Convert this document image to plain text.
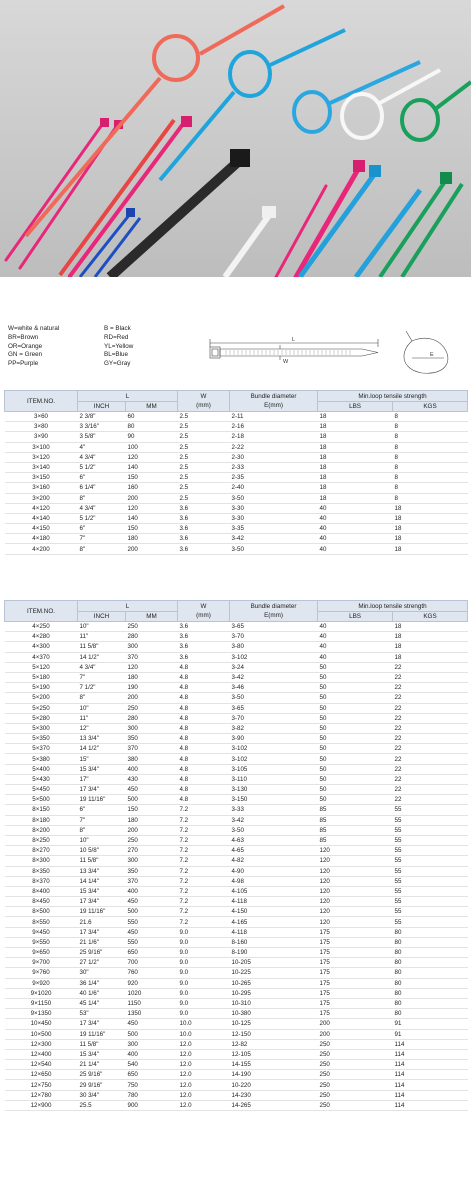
W=white & natural
BR=Brown
OR=Orange
GN = Green
PP=Purple
B = Black
RD=Red
YL=Yellow
BL=Blue
GY=Gray
L
W
E
ITEM.NO.	L		W
(mm)	Bundle diameter
E(mm)	Min.loop tensile strength	
	INCH	MM			LBS	KGS
3×60	2 3/8"	60	2.5	2-11	18	8
3×80	3 3/16"	80	2.5	2-16	18	8
3×90	3 5/8"	90	2.5	2-18	18	8
3×100	4"	100	2.5	2-22	18	8
3×120	4 3/4"	120	2.5	2-30	18	8
3×140	5 1/2"	140	2.5	2-33	18	8
3×150	6"	150	2.5	2-35	18	8
3×160	6 1/4"	160	2.5	2-40	18	8
3×200	8"	200	2.5	3-50	18	8
4×120	4 3/4"	120	3.6	3-30	40	18
4×140	5 1/2"	140	3.6	3-30	40	18
4×150	6"	150	3.6	3-35	40	18
4×180	7"	180	3.6	3-42	40	18
4×200	8"	200	3.6	3-50	40	18
ITEM.NO.	L		W
(mm)	Bundle diameter
E(mm)	Min.loop tensile strength	
	INCH	MM			LBS	KGS
4×250	10"	250	3.6	3-65	40	18
4×280	11"	280	3.6	3-70	40	18
4×300	11 5/8"	300	3.6	3-80	40	18
4×370	14 1/2"	370	3.6	3-102	40	18
5×120	4 3/4"	120	4.8	3-24	50	22
5×180	7"	180	4.8	3-42	50	22
5×190	7 1/2"	190	4.8	3-46	50	22
5×200	8"	200	4.8	3-50	50	22
5×250	10"	250	4.8	3-65	50	22
5×280	11"	280	4.8	3-70	50	22
5×300	12"	300	4.8	3-82	50	22
5×350	13 3/4"	350	4.8	3-90	50	22
5×370	14 1/2"	370	4.8	3-102	50	22
5×380	15"	380	4.8	3-102	50	22
5×400	15 3/4"	400	4.8	3-105	50	22
5×430	17"	430	4.8	3-110	50	22
5×450	17 3/4"	450	4.8	3-130	50	22
5×500	19 11/16"	500	4.8	3-150	50	22
8×150	6"	150	7.2	3-33	85	55
8×180	7"	180	7.2	3-42	85	55
8×200	8"	200	7.2	3-50	85	55
8×250	10"	250	7.2	4-63	85	55
8×270	10 5/8"	270	7.2	4-65	120	55
8×300	11 5/8"	300	7.2	4-82	120	55
8×350	13 3/4"	350	7.2	4-90	120	55
8×370	14 1/4"	370	7.2	4-98	120	55
8×400	15 3/4"	400	7.2	4-105	120	55
8×450	17 3/4"	450	7.2	4-118	120	55
8×500	19 11/16"	500	7.2	4-150	120	55
8×550	21.6	550	7.2	4-165	120	55
9×450	17 3/4"	450	9.0	4-118	175	80
9×550	21 1/6"	550	9.0	8-160	175	80
9×650	25 9/16"	650	9.0	8-190	175	80
9×700	27 1/2"	700	9.0	10-205	175	80
9×760	30"	760	9.0	10-225	175	80
9×920	36 1/4"	920	9.0	10-265	175	80
9×1020	40 1/6"	1020	9.0	10-295	175	80
9×1150	45 1/4"	1150	9.0	10-310	175	80
9×1350	53"	1350	9.0	10-380	175	80
10×450	17 3/4"	450	10.0	10-125	200	91
10×500	19 11/16"	500	10.0	12-150	200	91
12×300	11 5/8"	300	12.0	12-82	250	114
12×400	15 3/4"	400	12.0	12-105	250	114
12×540	21 1/4"	540	12.0	14-155	250	114
12×650	25 9/16"	650	12.0	14-190	250	114
12×750	29 9/16"	750	12.0	10-220	250	114
12×780	30 3/4"	780	12.0	14-230	250	114
12×900	25.5	900	12.0	14-265	250	114
